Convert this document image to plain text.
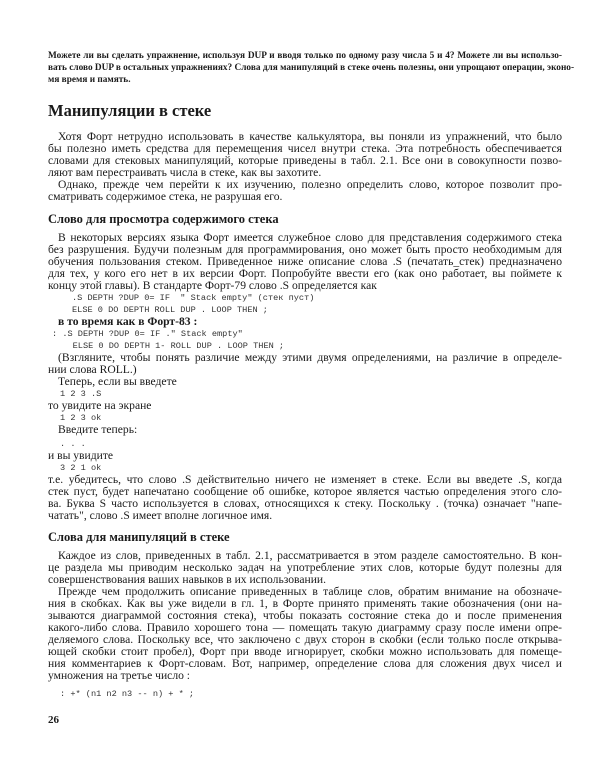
Можете ли вы сделать упражнение, используя DUP и вводя только по одному разу числа 5 и 4? Можете ли вы использо-
вать слово DUP в остальных упражнениях? Слова для манипуляций в стеке очень полезны, они упрощают операции, эконо-
мя время и память.
Манипуляции в стеке
Хотя Форт нетрудно использовать в качестве калькулятора, вы поняли из упражнений, что было
бы полезно иметь средства для перемещения чисел внутри стека. Эта потребность обеспечивается
словами для стековых манипуляций, которые приведены в табл. 2.1. Все они в совокупности позво-
ляют вам перестраивать числа в стеке, как вы захотите.
Однако, прежде чем перейти к их изучению, полезно определить слово, которое позволит про-
сматривать содержимое стека, не разрушая его.
Слово для просмотра содержимого стека
В некоторых версиях языка Форт имеется служебное слово для представления содержимого стека
без разрушения. Будучи полезным для программирования, оно может быть просто необходимым для
обучения пользования стеком. Приведенное ниже описание слова .S (печатать_стек) предназначено
для тех, у кого его нет в их версии Форт. Попробуйте ввести его (как оно работает, вы поймете к
концу этой главы). В стандарте Форт-79 слово .S определяется как
.S DEPTH ?DUP 0= IF  " Stack empty" (стек пуст)
ELSE 0 DO DEPTH ROLL DUP . LOOP THEN ;
в то время как в Форт-83 :
: .S DEPTH ?DUP 0= IF ." Stack empty"
ELSE 0 DO DEPTH 1- ROLL DUP . LOOP THEN ;
(Взгляните, чтобы понять различие между этими двумя определениями, на различие в определе-
нии слова ROLL.)
Теперь, если вы введете
1 2 3 .S
то увидите на экране
1 2 3 ok
Введите теперь:
. . .
и вы увидите
3 2 1 ok
т.е. убедитесь, что слово .S действительно ничего не изменяет в стеке. Если вы введете .S, когда
стек пуст, будет напечатано сообщение об ошибке, которое является частью определения этого сло-
ва. Буква S часто используется в словах, относящихся к стеку. Поскольку . (точка) означает "напе-
чатать", слово .S имеет вполне логичное имя.
Слова для манипуляций в стеке
Каждое из слов, приведенных в табл. 2.1, рассматривается в этом разделе самостоятельно. В кон-
це раздела мы приводим несколько задач на употребление этих слов, которые будут полезны для
совершенствования ваших навыков в их использовании.
Прежде чем продолжить описание приведенных в таблице слов, обратим внимание на обозначе-
ния в скобках. Как вы уже видели в гл. 1, в Форте принято применять такие обозначения (они на-
зываются диаграммой состояния стека), чтобы показать состояние стека до и после применения
какого-либо слова. Правило хорошего тона — помещать такую диаграмму сразу после имени опре-
деляемого слова. Поскольку все, что заключено с двух сторон в скобки (если только после открыва-
ющей скобки стоит пробел), Форт при вводе игнорирует, скобки можно использовать для помеще-
ния комментариев к Форт-словам. Вот, например, определение слова для сложения двух чисел и
умножения на третье число :
: +* (n1 n2 n3 -- n) + * ;
26
